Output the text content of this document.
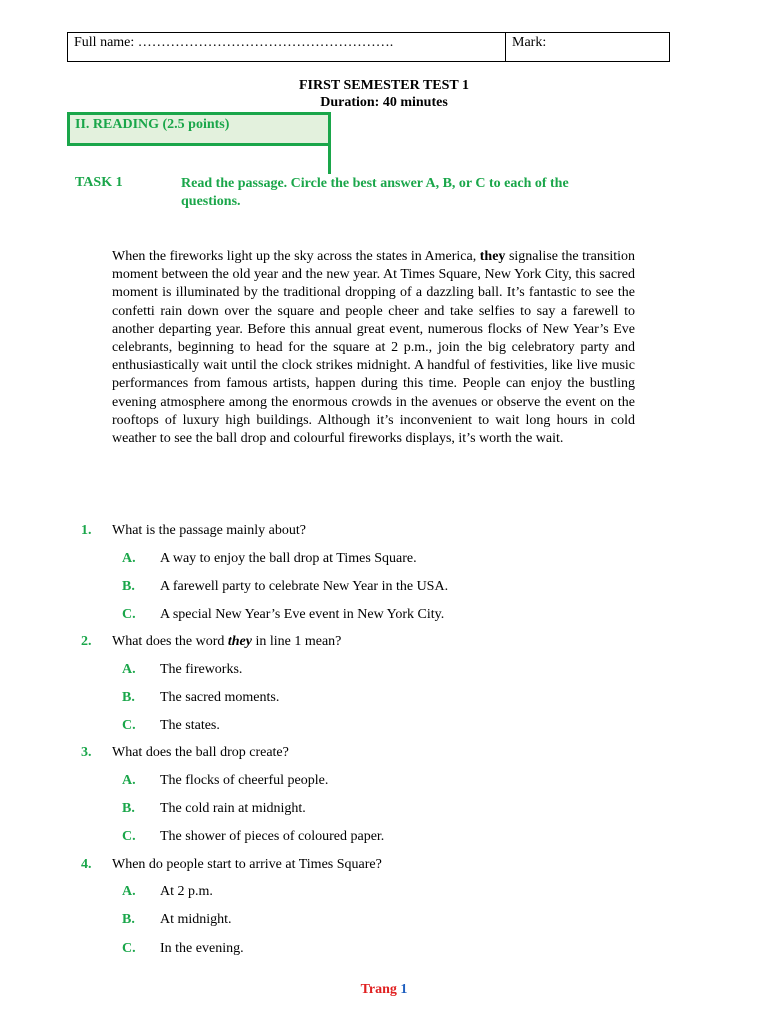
Full name: ……………………………………………….	Mark:
FIRST SEMESTER TEST 1
Duration: 40 minutes
II. READING (2.5 points)
TASK 1	Read the passage. Circle the best answer A, B, or C to each of the questions.
When the fireworks light up the sky across the states in America, they signalise the transition moment between the old year and the new year. At Times Square, New York City, this sacred moment is illuminated by the traditional dropping of a dazzling ball. It’s fantastic to see the confetti rain down over the square and people cheer and take selfies to say a farewell to another departing year. Before this annual great event, numerous flocks of New Year’s Eve celebrants, beginning to head for the square at 2 p.m., join the big celebratory party and enthusiastically wait until the clock strikes midnight. A handful of festivities, like live music performances from famous artists, happen during this time. People can enjoy the bustling evening atmosphere among the enormous crowds in the avenues or observe the event on the rooftops of luxury high buildings. Although it’s inconvenient to wait long hours in cold weather to see the ball drop and colourful fireworks displays, it’s worth the wait.
1. What is the passage mainly about?
A. A way to enjoy the ball drop at Times Square.
B. A farewell party to celebrate New Year in the USA.
C. A special New Year’s Eve event in New York City.
2. What does the word they in line 1 mean?
A. The fireworks.
B. The sacred moments.
C. The states.
3. What does the ball drop create?
A. The flocks of cheerful people.
B. The cold rain at midnight.
C. The shower of pieces of coloured paper.
4. When do people start to arrive at Times Square?
A. At 2 p.m.
B. At midnight.
C. In the evening.
Trang 1
